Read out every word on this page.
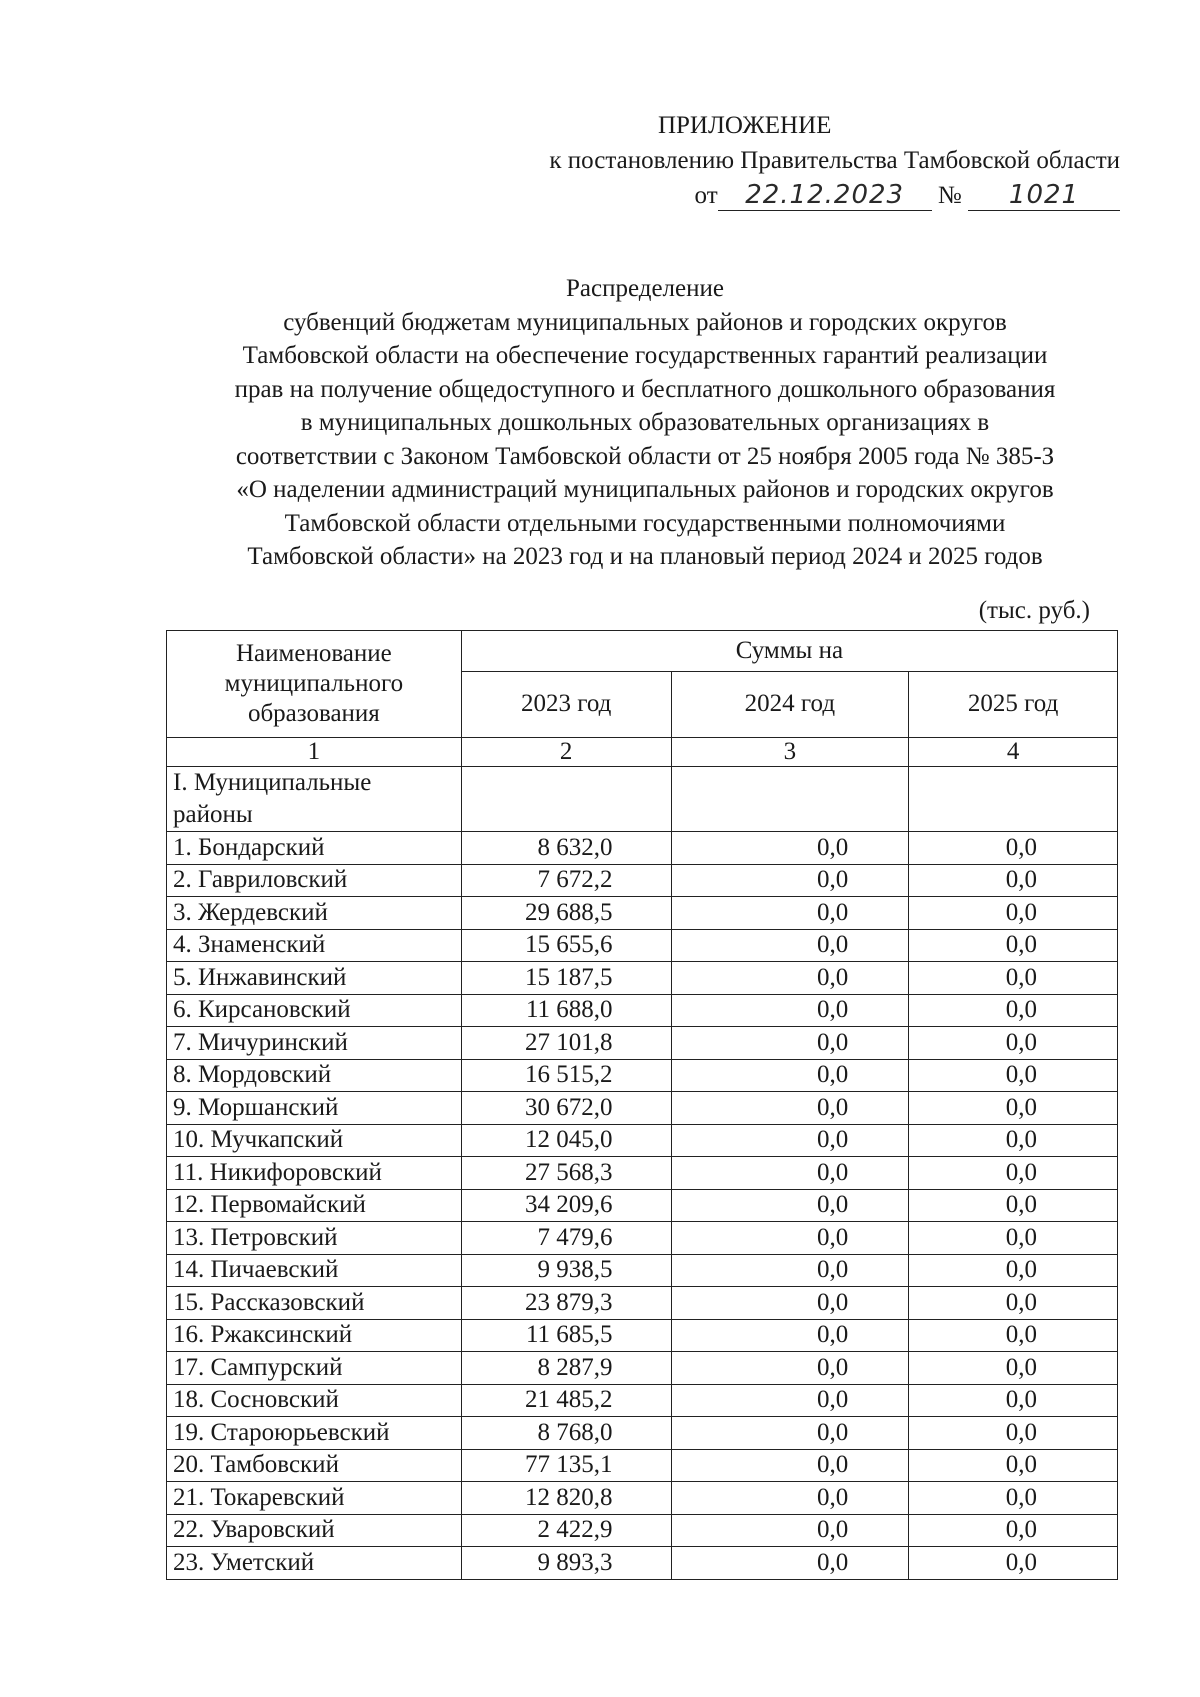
ПРИЛОЖЕНИЕ
к постановлению Правительства Тамбовской области
от 22.12.2023 № 1021
Распределение
субвенций бюджетам муниципальных районов и городских округов
Тамбовской области на обеспечение государственных гарантий реализации
прав на получение общедоступного и бесплатного дошкольного образования
в муниципальных дошкольных образовательных организациях в
соответствии с Законом Тамбовской области от 25 ноября 2005 года № 385-З
«О наделении администраций муниципальных районов и городских округов
Тамбовской области отдельными государственными полномочиями
Тамбовской области» на 2023 год и на плановый период 2024 и 2025 годов
(тыс. руб.)
Наименование муниципального образования	Суммы на		
	2023 год	2024 год	2025 год
1	2	3	4
I. Муниципальные районы			
1. Бондарский	8 632,0	0,0	0,0
2. Гавриловский	7 672,2	0,0	0,0
3. Жердевский	29 688,5	0,0	0,0
4. Знаменский	15 655,6	0,0	0,0
5. Инжавинский	15 187,5	0,0	0,0
6. Кирсановский	11 688,0	0,0	0,0
7. Мичуринский	27 101,8	0,0	0,0
8. Мордовский	16 515,2	0,0	0,0
9. Моршанский	30 672,0	0,0	0,0
10. Мучкапский	12 045,0	0,0	0,0
11. Никифоровский	27 568,3	0,0	0,0
12. Первомайский	34 209,6	0,0	0,0
13. Петровский	7 479,6	0,0	0,0
14. Пичаевский	9 938,5	0,0	0,0
15. Рассказовский	23 879,3	0,0	0,0
16. Ржаксинский	11 685,5	0,0	0,0
17. Сампурский	8 287,9	0,0	0,0
18. Сосновский	21 485,2	0,0	0,0
19. Староюрьевский	8 768,0	0,0	0,0
20. Тамбовский	77 135,1	0,0	0,0
21. Токаревский	12 820,8	0,0	0,0
22. Уваровский	2 422,9	0,0	0,0
23. Уметский	9 893,3	0,0	0,0
